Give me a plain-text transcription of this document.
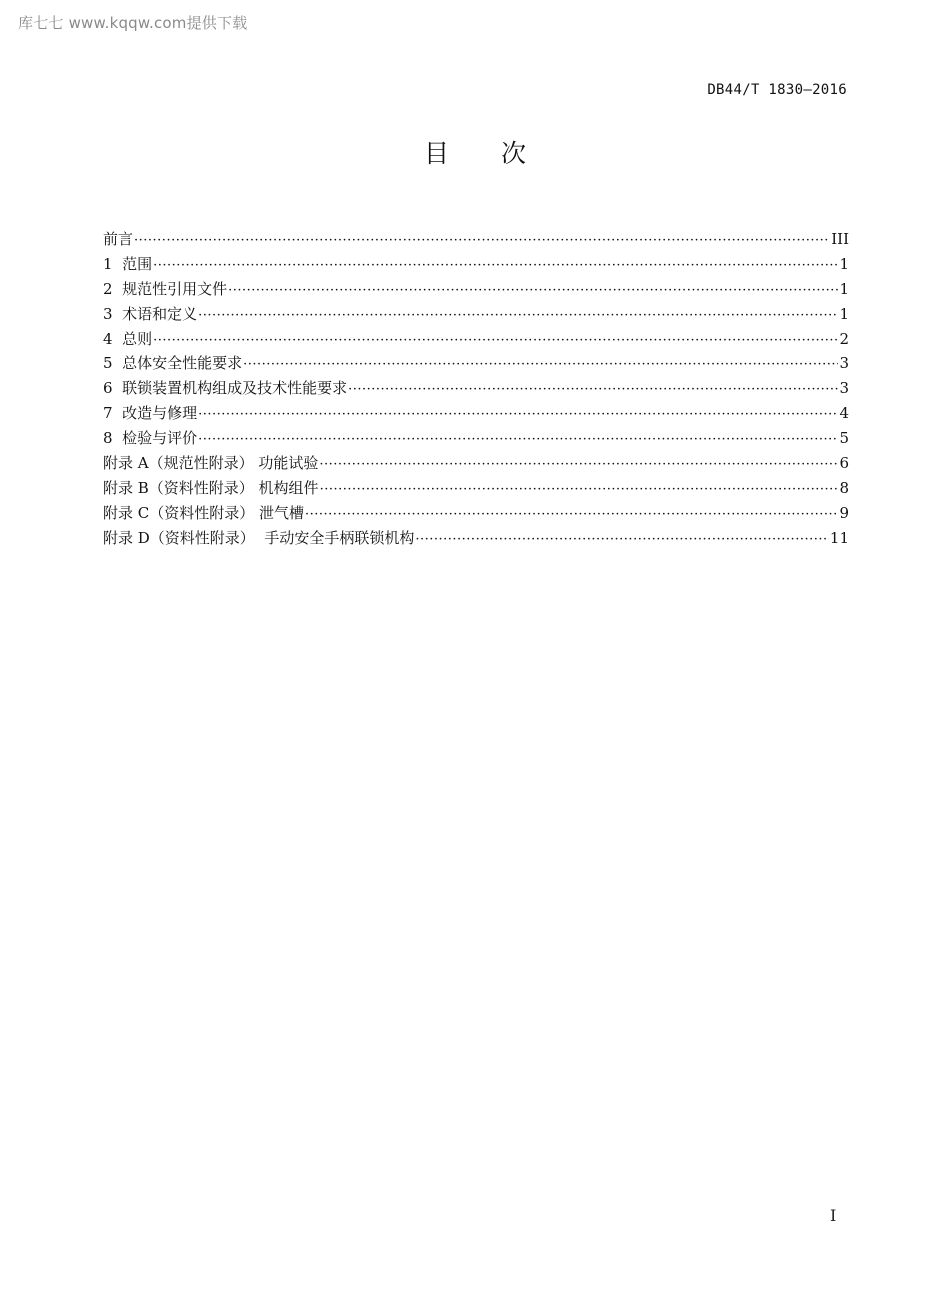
库七七 www.kqqw.com提供下载
DB44/T 1830—2016
目 次
前言 ·····	III
1  范围 ·····	1
2  规范性引用文件 ·····	1
3  术语和定义 ·····	1
4  总则 ·····	2
5  总体安全性能要求 ·····	3
6  联锁装置机构组成及技术性能要求 ·····	3
7  改造与修理 ·····	4
8  检验与评价 ·····	5
附录 A（规范性附录） 功能试验 ·····	6
附录 B（资料性附录） 机构组件 ·····	8
附录 C（资料性附录） 泄气槽 ·····	9
附录 D（资料性附录）  手动安全手柄联锁机构 ·····	11
I
